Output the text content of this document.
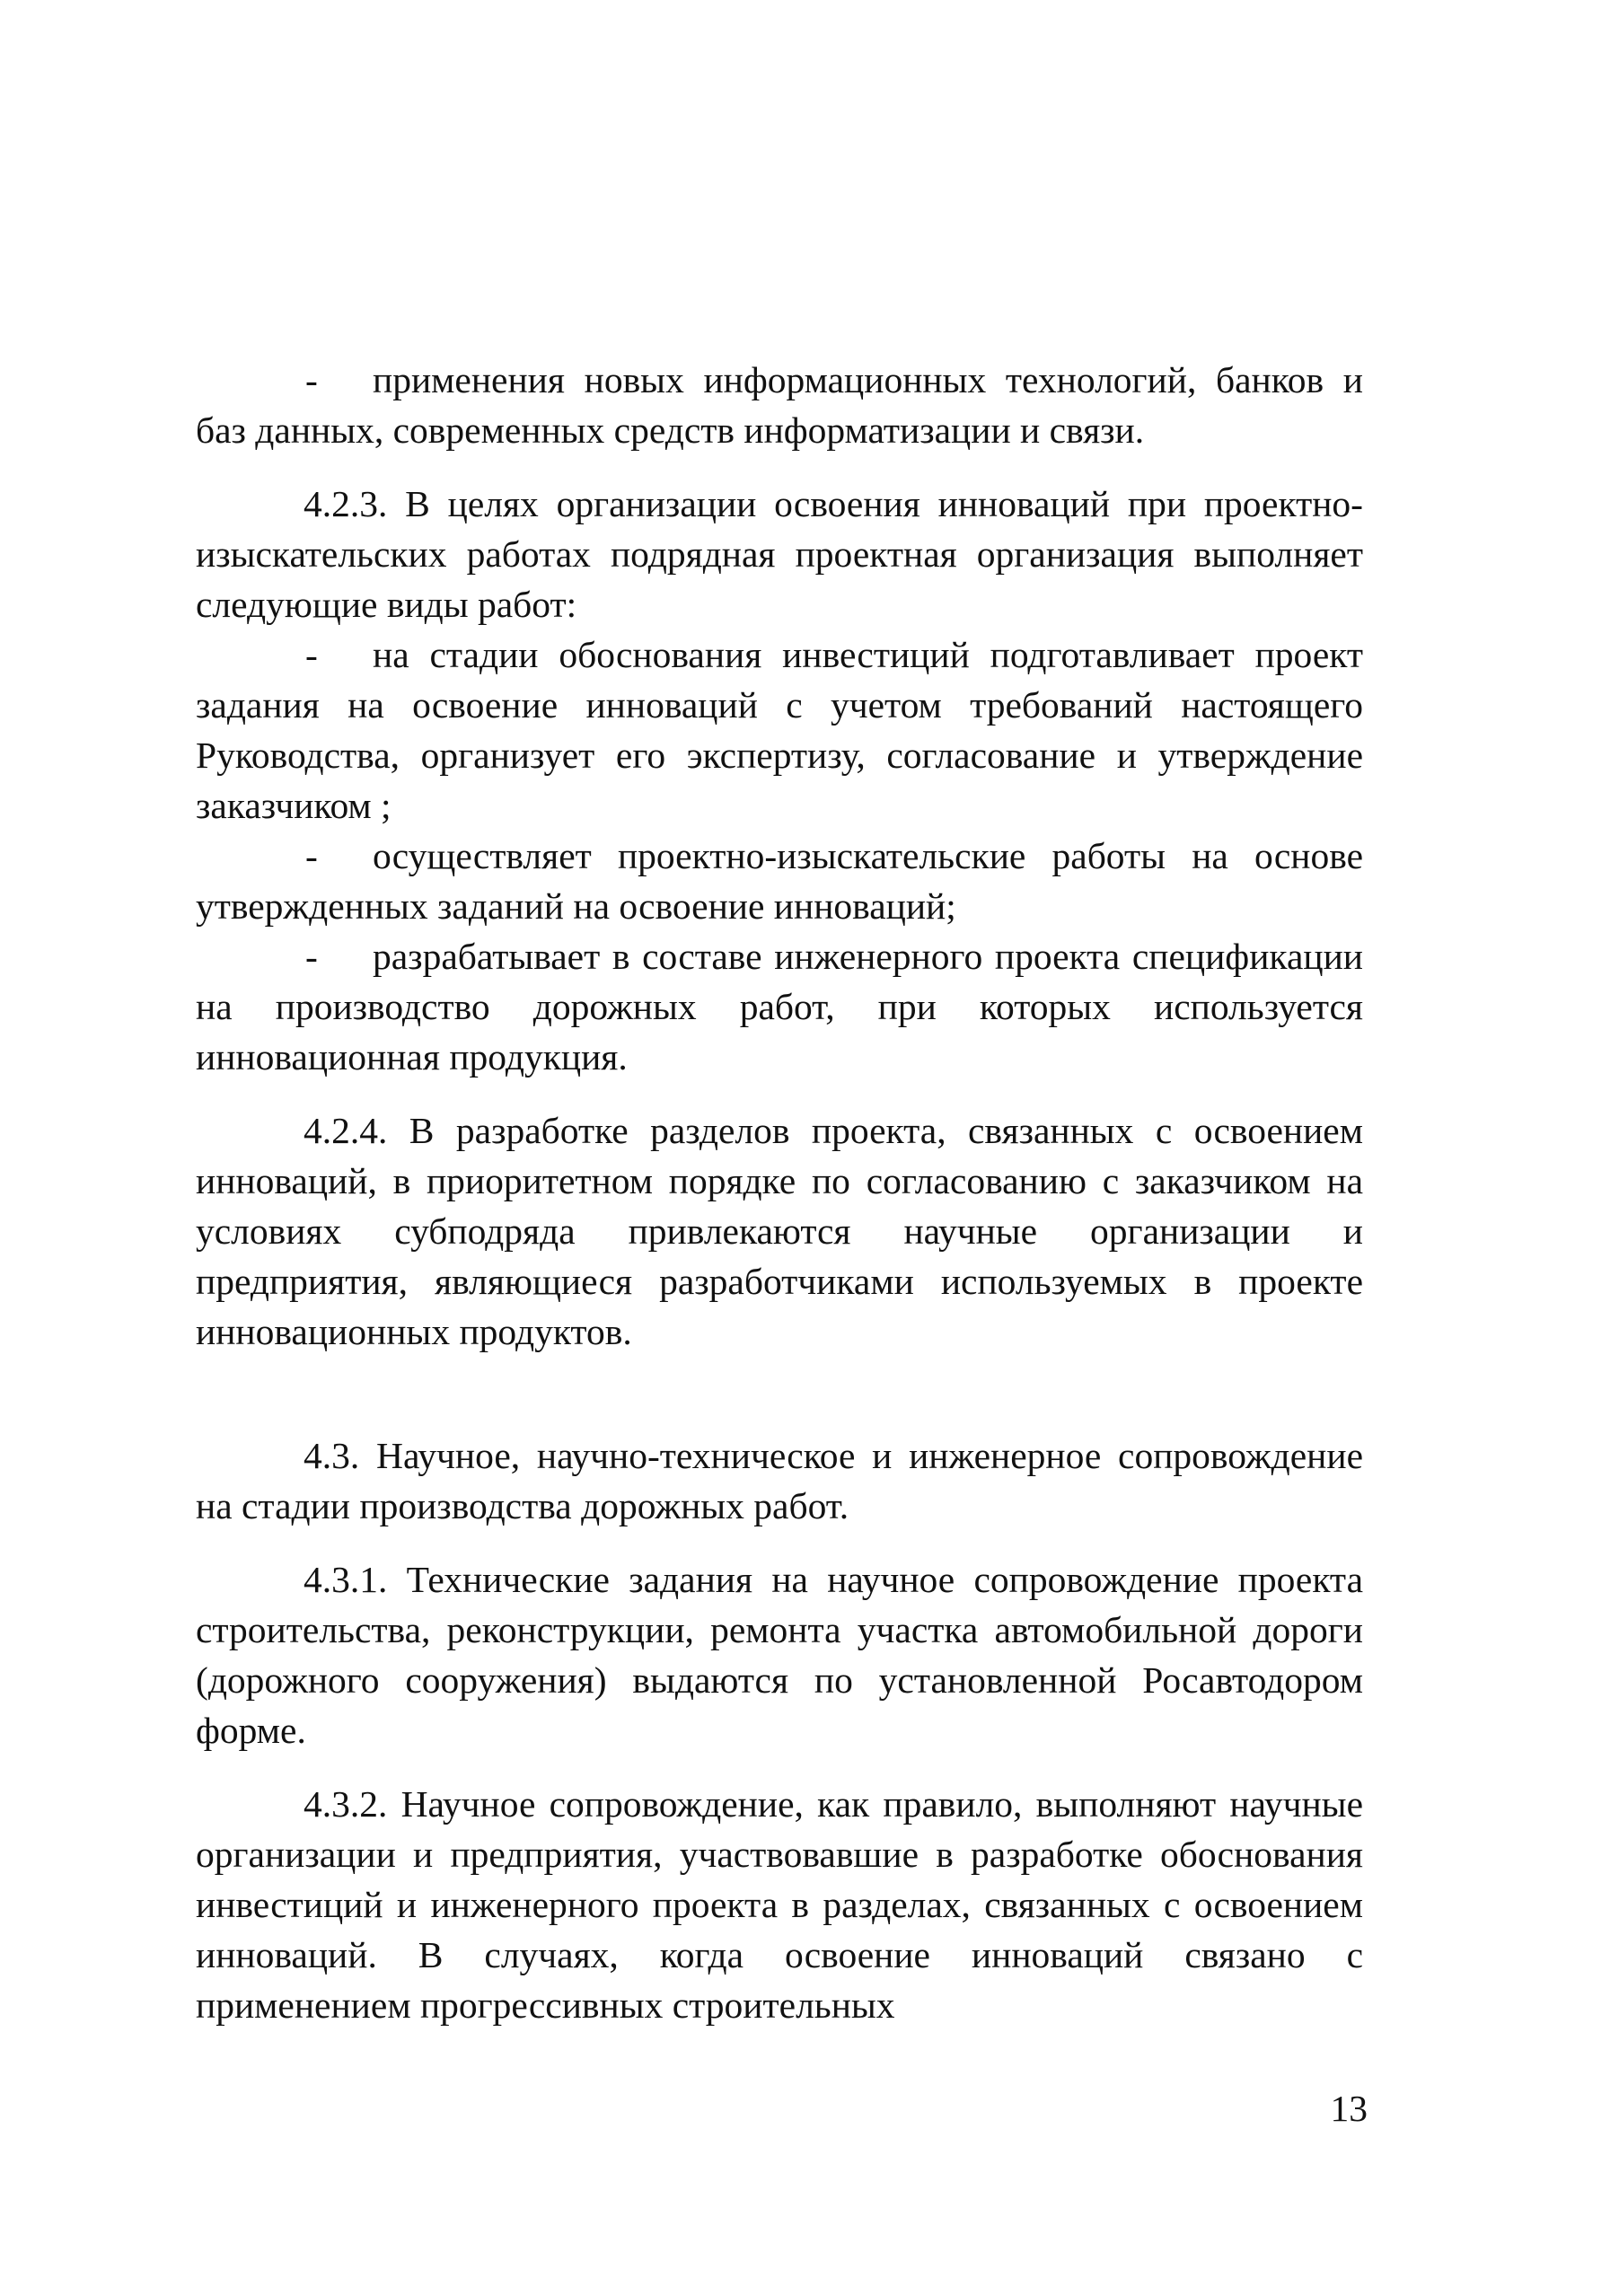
- применения новых информационных технологий, банков и баз данных, современных средств информатизации и связи.

4.2.3. В целях организации освоения инноваций при проектно-изыскательских работах подрядная проектная организация выполняет следующие виды работ:

- на стадии обоснования инвестиций подготавливает проект задания на освоение инноваций с учетом требований настоящего Руководства, организует его экспертизу, согласование и утверждение заказчиком ;

- осуществляет проектно-изыскательские работы на основе утвержденных заданий на освоение инноваций;

- разрабатывает в составе инженерного проекта спецификации на производство дорожных работ, при которых используется инновационная продукция.

4.2.4. В разработке разделов проекта, связанных с освоением инноваций, в приоритетном порядке по согласованию с заказчиком на условиях субподряда привлекаются научные организации и предприятия, являющиеся разработчиками используемых в проекте инновационных продуктов.

4.3. Научное, научно-техническое и инженерное сопровождение на стадии производства дорожных работ.

4.3.1. Технические задания на научное сопровождение проекта строительства, реконструкции, ремонта участка автомобильной дороги (дорожного сооружения) выдаются по установленной Росавтодором форме.

4.3.2. Научное сопровождение, как правило, выполняют научные организации и предприятия, участвовавшие в разработке обоснования инвестиций и инженерного проекта в разделах, связанных с освоением инноваций. В случаях, когда освоение инноваций связано с применением прогрессивных строительных

13
